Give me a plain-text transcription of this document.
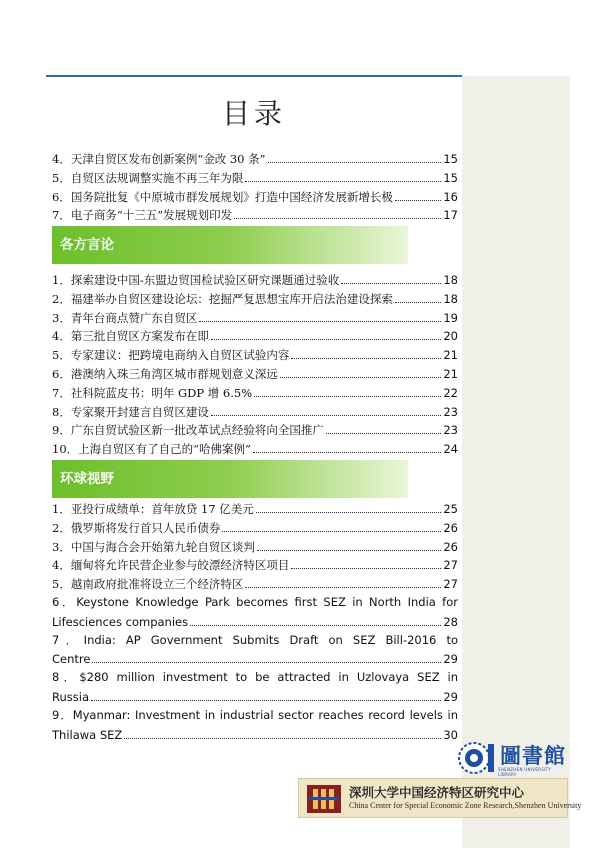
目录
4．天津自贸区发布创新案例“金改 30 条”	15
5．自贸区法规调整实施不再三年为限	15
6．国务院批复《中原城市群发展规划》打造中国经济发展新增长极	16
7．电子商务“十三五”发展规划印发	17
各方言论
1．探索建设中国-东盟边贸国检试验区研究课题通过验收	18
2．福建举办自贸区建设论坛：挖掘严复思想宝库开启法治建设探索	18
3．青年台商点赞广东自贸区	19
4．第三批自贸区方案发布在即	20
5．专家建议：把跨境电商纳入自贸区试验内容	21
6．港澳纳入珠三角湾区城市群规划意义深远	21
7．社科院蓝皮书：明年 GDP 增 6.5%	22
8．专家聚开封建言自贸区建设	23
9．广东自贸试验区新一批改革试点经验将向全国推广	23
10．上海自贸区有了自己的“哈佛案例”	24
环球视野
1．亚投行成绩单：首年放贷 17 亿美元	25
2．俄罗斯将发行首只人民币债券	26
3．中国与海合会开始第九轮自贸区谈判	26
4．缅甸将允许民营企业参与皎漂经济特区项目	27
5．越南政府批准将设立三个经济特区	27
6．Keystone Knowledge Park becomes first SEZ in North India for
Lifesciences companies	28
7．India: AP Government Submits Draft on SEZ Bill-2016 to
Centre	29
8．$280 million investment to be attracted in Uzlovaya SEZ in
Russia	29
9．Myanmar: Investment in industrial sector reaches record levels in
Thilawa SEZ	30
圖書館
SHENZHEN UNIVERSITY LIBRARY
深圳大学中国经济特区研究中心
China Center for Special Economic Zone Research,Shenzhen University
